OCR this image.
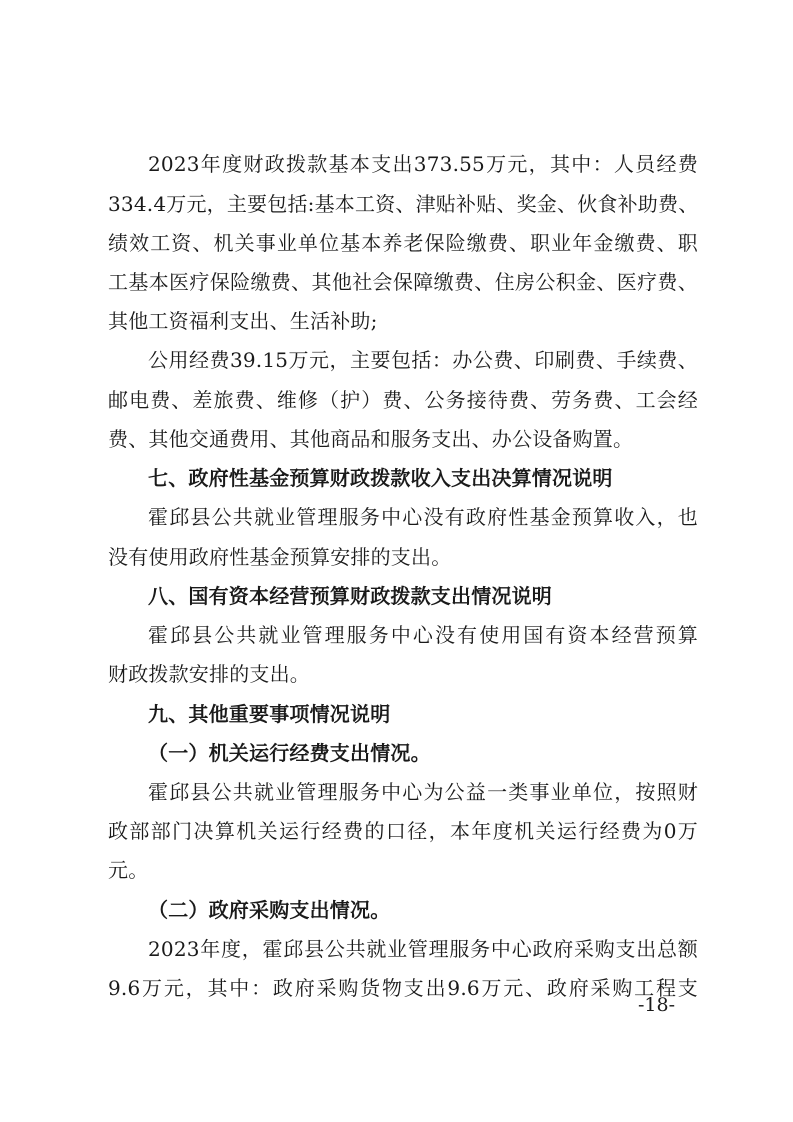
2023年度财政拨款基本支出373.55万元，其中：人员经费
334.4万元，主要包括:基本工资、津贴补贴、奖金、伙食补助费、
绩效工资、机关事业单位基本养老保险缴费、职业年金缴费、职
工基本医疗保险缴费、其他社会保障缴费、住房公积金、医疗费、
其他工资福利支出、生活补助;
公用经费39.15万元，主要包括：办公费、印刷费、手续费、
邮电费、差旅费、维修（护）费、公务接待费、劳务费、工会经
费、其他交通费用、其他商品和服务支出、办公设备购置。
七、政府性基金预算财政拨款收入支出决算情况说明
霍邱县公共就业管理服务中心没有政府性基金预算收入，也
没有使用政府性基金预算安排的支出。
八、国有资本经营预算财政拨款支出情况说明
霍邱县公共就业管理服务中心没有使用国有资本经营预算
财政拨款安排的支出。
九、其他重要事项情况说明
（一）机关运行经费支出情况。
霍邱县公共就业管理服务中心为公益一类事业单位，按照财
政部部门决算机关运行经费的口径，本年度机关运行经费为0万
元。
（二）政府采购支出情况。
2023年度，霍邱县公共就业管理服务中心政府采购支出总额
9.6万元，其中：政府采购货物支出9.6万元、政府采购工程支
-18-
